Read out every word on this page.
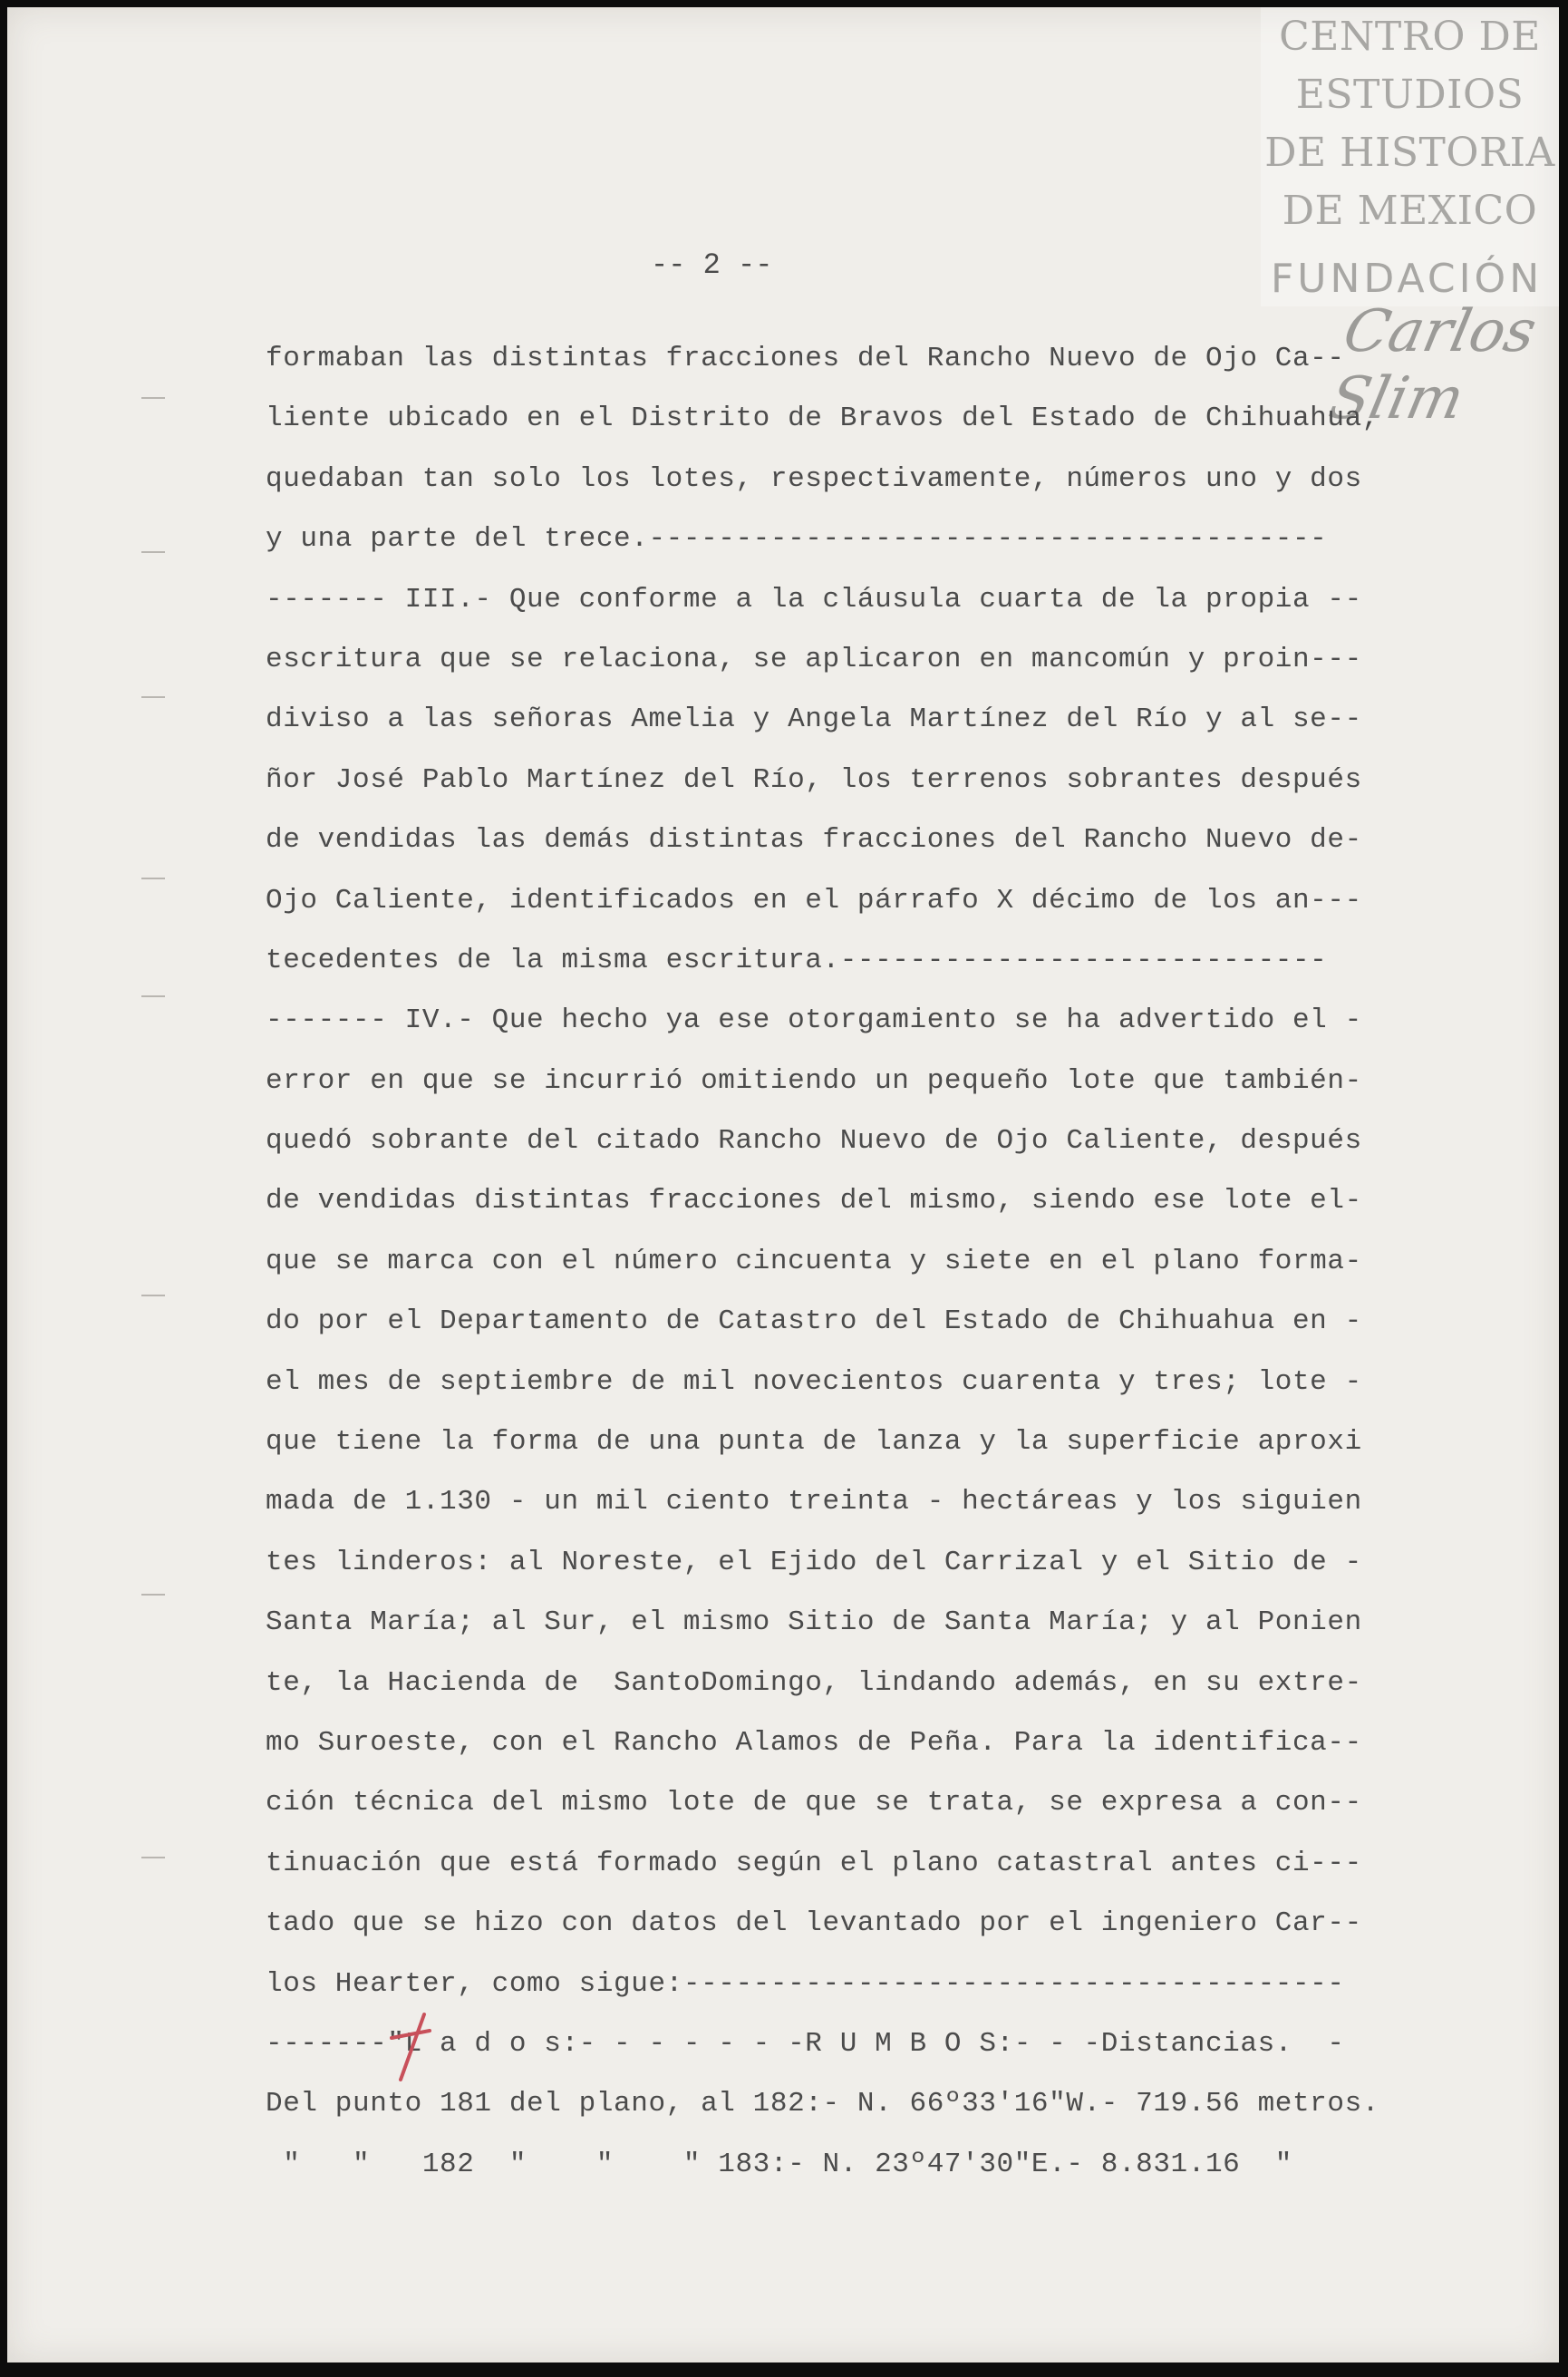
CENTRO DE
ESTUDIOS
DE HISTORIA
DE MEXICO
FUNDACIÓN
Carlos Slim
-- 2 --
formaban las distintas fracciones del Rancho Nuevo de Ojo Ca--
liente ubicado en el Distrito de Bravos del Estado de Chihuahua,
quedaban tan solo los lotes, respectivamente, números uno y dos
y una parte del trece.---------------------------------------
------- III.- Que conforme a la cláusula cuarta de la propia --
escritura que se relaciona, se aplicaron en mancomún y proin---
diviso a las señoras Amelia y Angela Martínez del Río y al se--
ñor José Pablo Martínez del Río, los terrenos sobrantes después
de vendidas las demás distintas fracciones del Rancho Nuevo de-
Ojo Caliente, identificados en el párrafo X décimo de los an---
tecedentes de la misma escritura.----------------------------
------- IV.- Que hecho ya ese otorgamiento se ha advertido el -
error en que se incurrió omitiendo un pequeño lote que también-
quedó sobrante del citado Rancho Nuevo de Ojo Caliente, después
de vendidas distintas fracciones del mismo, siendo ese lote el-
que se marca con el número cincuenta y siete en el plano forma-
do por el Departamento de Catastro del Estado de Chihuahua en -
el mes de septiembre de mil novecientos cuarenta y tres; lote -
que tiene la forma de una punta de lanza y la superficie aproxi
mada de 1.130 - un mil ciento treinta - hectáreas y los siguien
tes linderos: al Noreste, el Ejido del Carrizal y el Sitio de -
Santa María; al Sur, el mismo Sitio de Santa María; y al Ponien
te, la Hacienda de  SantoDomingo, lindando además, en su extre-
mo Suroeste, con el Rancho Alamos de Peña. Para la identifica--
ción técnica del mismo lote de que se trata, se expresa a con--
tinuación que está formado según el plano catastral antes ci---
tado que se hizo con datos del levantado por el ingeniero Car--
los Hearter, como sigue:--------------------------------------
-------"L a d o s:- - - - - - -R U M B O S:- - -Distancias.  -
Del punto 181 del plano, al 182:- N. 66º33'16"W.- 719.56 metros.
"   "   182  "    "    " 183:- N. 23º47'30"E.- 8.831.16  "
